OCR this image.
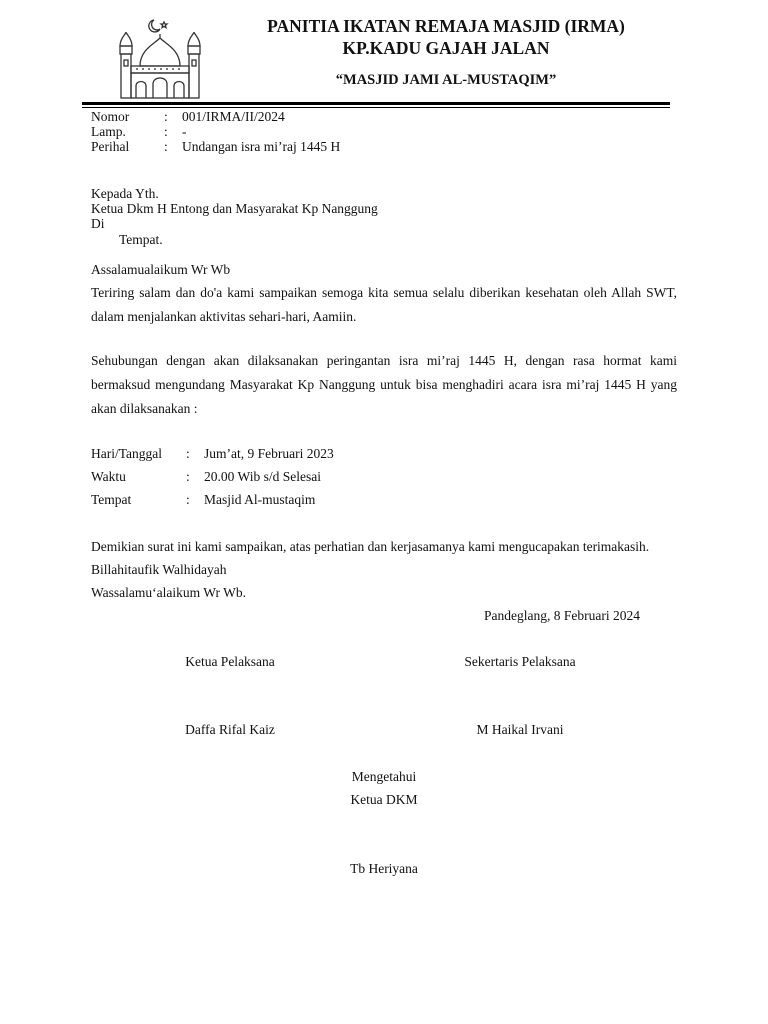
PANITIA IKATAN REMAJA MASJID (IRMA)
KP.KADU GAJAH JALAN
“MASJID JAMI AL-MUSTAQIM”
Nomor	: 001/IRMA/II/2024
Lamp.	: -
Perihal	: Undangan isra mi’raj 1445 H
Kepada Yth.
Ketua Dkm H Entong dan Masyarakat Kp Nanggung
Di
Tempat.
Assalamualaikum Wr Wb
Teriring salam dan do'a kami sampaikan semoga kita semua selalu diberikan kesehatan oleh Allah SWT, dalam menjalankan aktivitas sehari-hari, Aamiin.
Sehubungan dengan akan dilaksanakan peringantan isra mi’raj 1445 H, dengan rasa hormat kami bermaksud mengundang Masyarakat Kp Nanggung untuk bisa menghadiri acara isra mi’raj 1445 H yang akan dilaksanakan :
Hari/Tanggal : Jum’at, 9 Februari 2023
Waktu	: 20.00 Wib s/d Selesai
Tempat	: Masjid Al-mustaqim
Demikian surat ini kami sampaikan, atas perhatian dan kerjasamanya kami mengucapakan terimakasih.
Billahitaufik Walhidayah
Wassalamu‘alaikum Wr Wb.
Pandeglang, 8 Februari 2024
Ketua Pelaksana	Sekertaris Pelaksana
Daffa Rifal Kaiz	M Haikal Irvani
Mengetahui
Ketua DKM
Tb Heriyana
